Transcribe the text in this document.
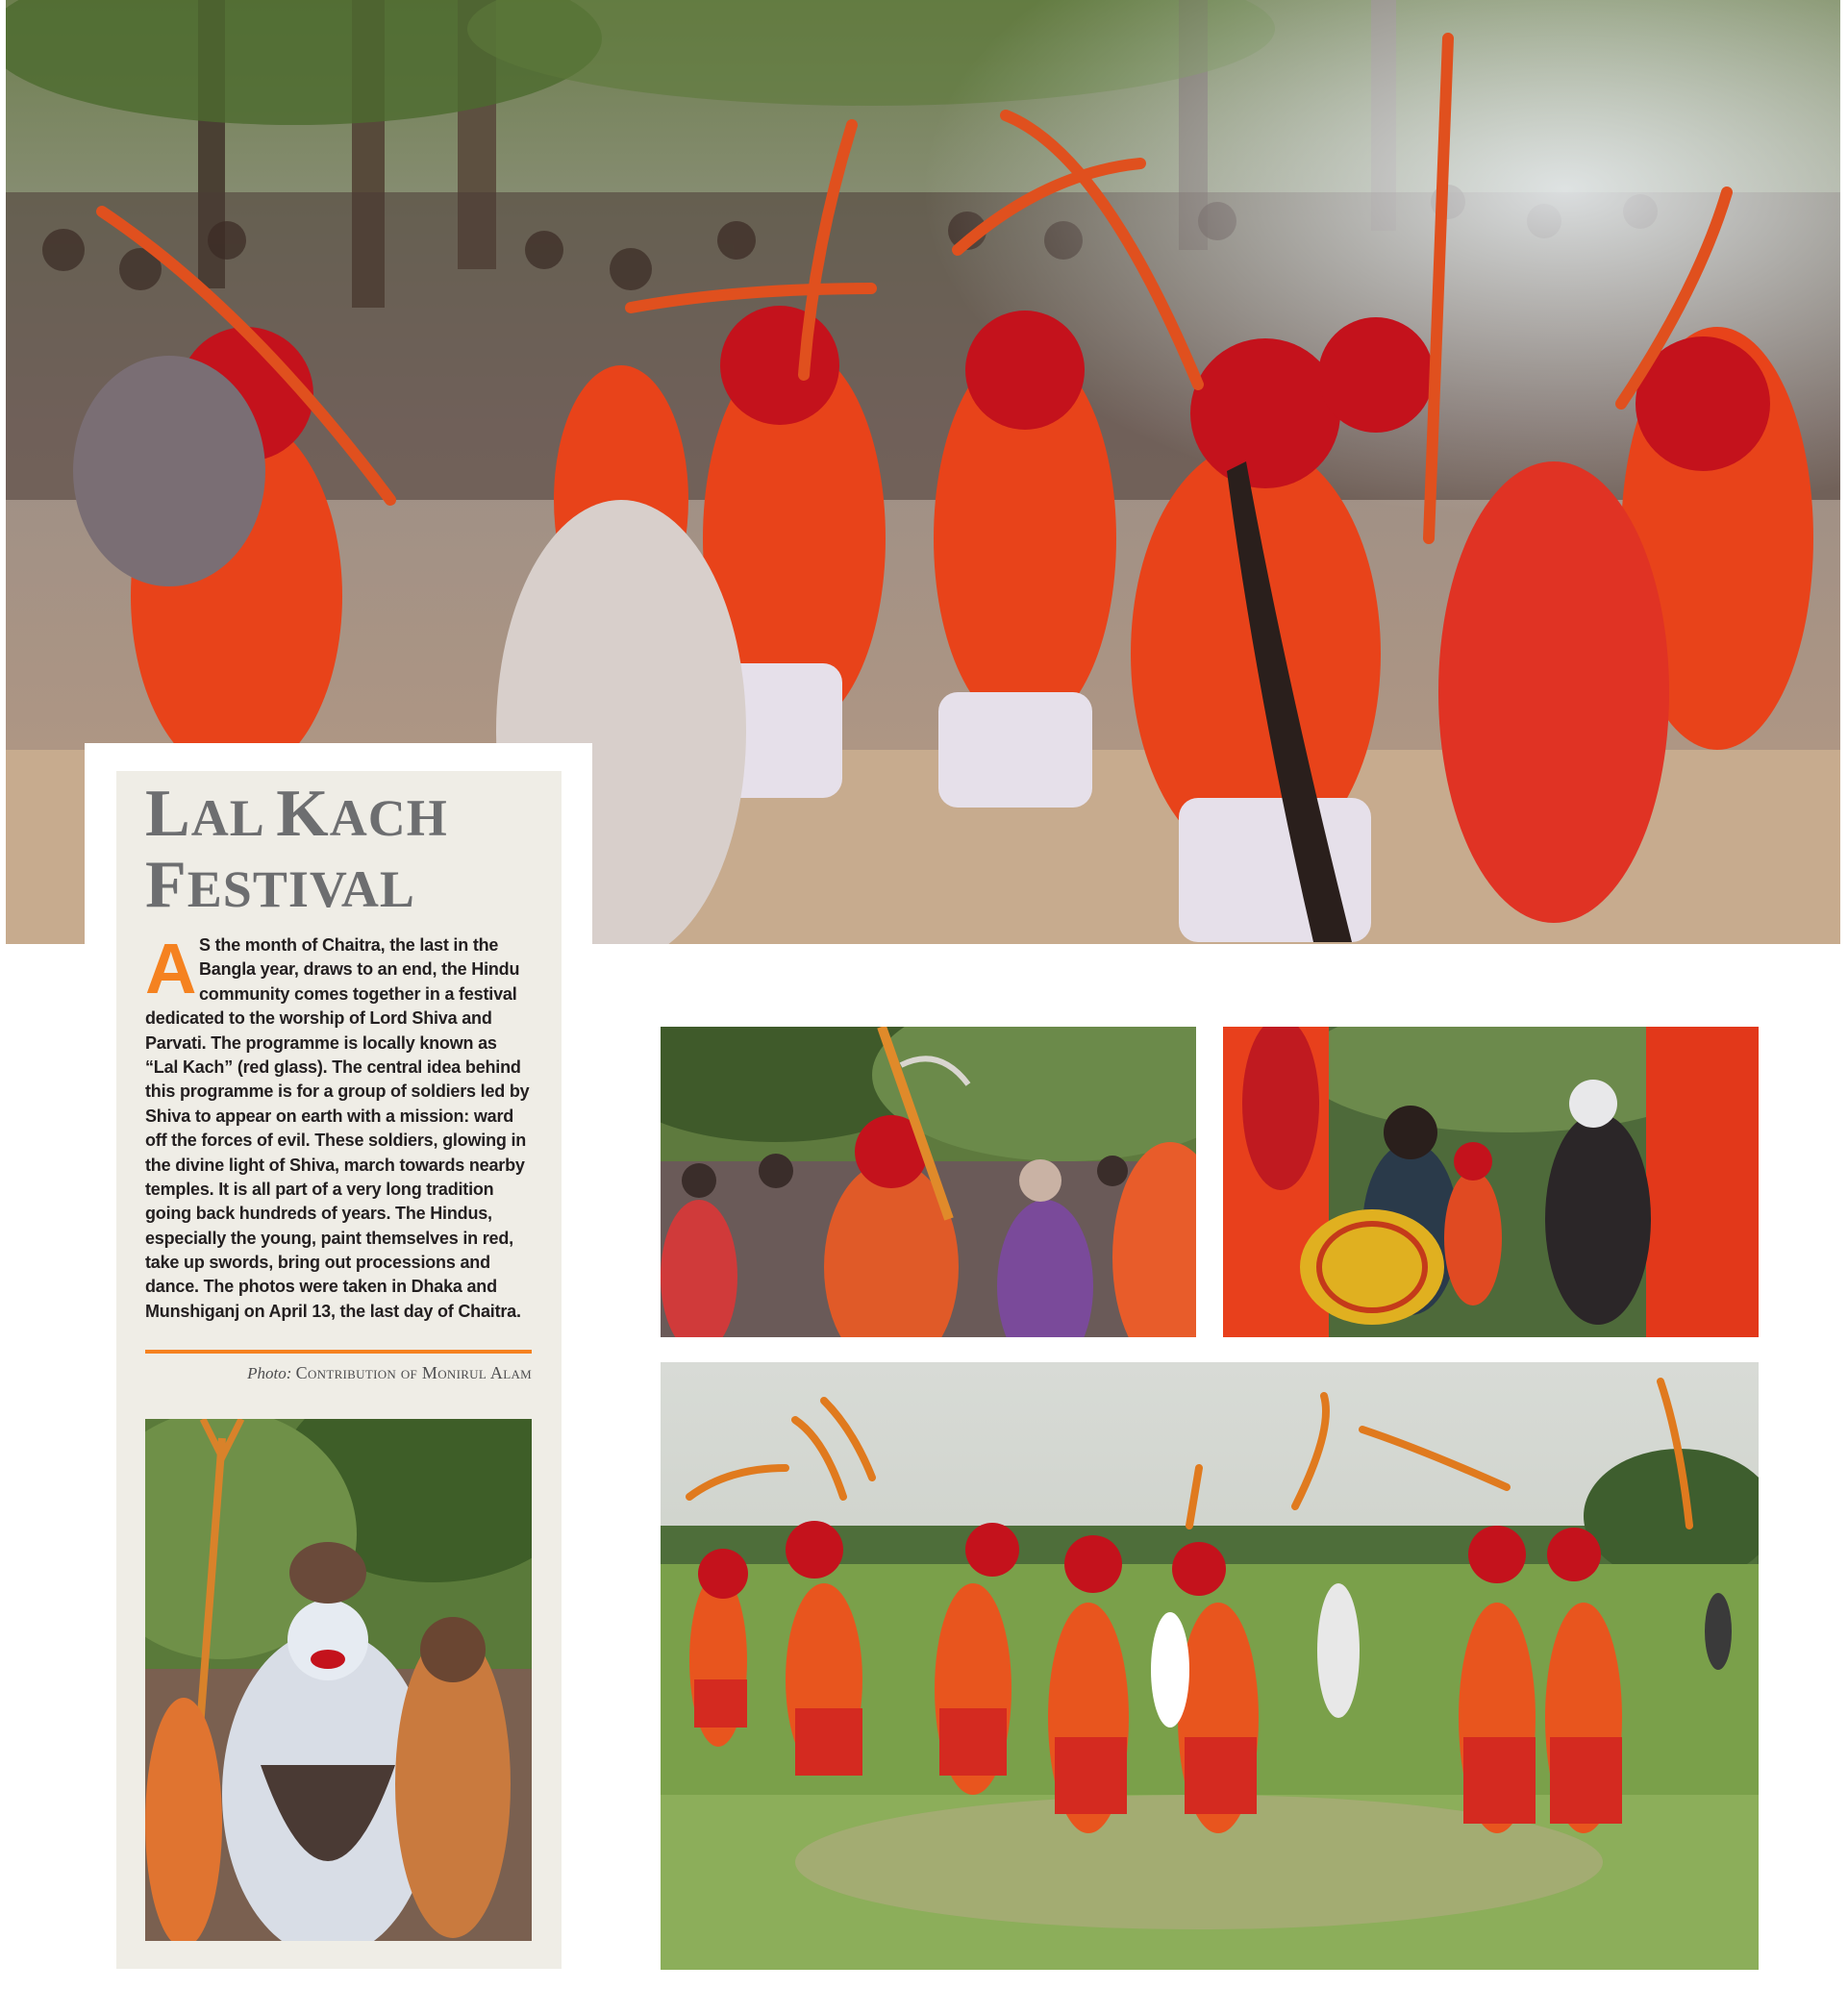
LAL KACH
FESTIVAL
A S the month of Chaitra, the last in the
Bangla year, draws to an end, the Hindu
community comes together in a festival
dedicated to the worship of Lord Shiva and
Parvati. The programme is locally known as
“Lal Kach” (red glass). The central idea behind
this programme is for a group of soldiers led by
Shiva to appear on earth with a mission: ward
off the forces of evil. These soldiers, glowing in
the divine light of Shiva, march towards nearby
temples. It is all part of a very long tradition
going back hundreds of years. The Hindus,
especially the young, paint themselves in red,
take up swords, bring out processions and
dance. The photos were taken in Dhaka and
Munshiganj on April 13, the last day of Chaitra.
Photo: Contribution of Monirul Alam
